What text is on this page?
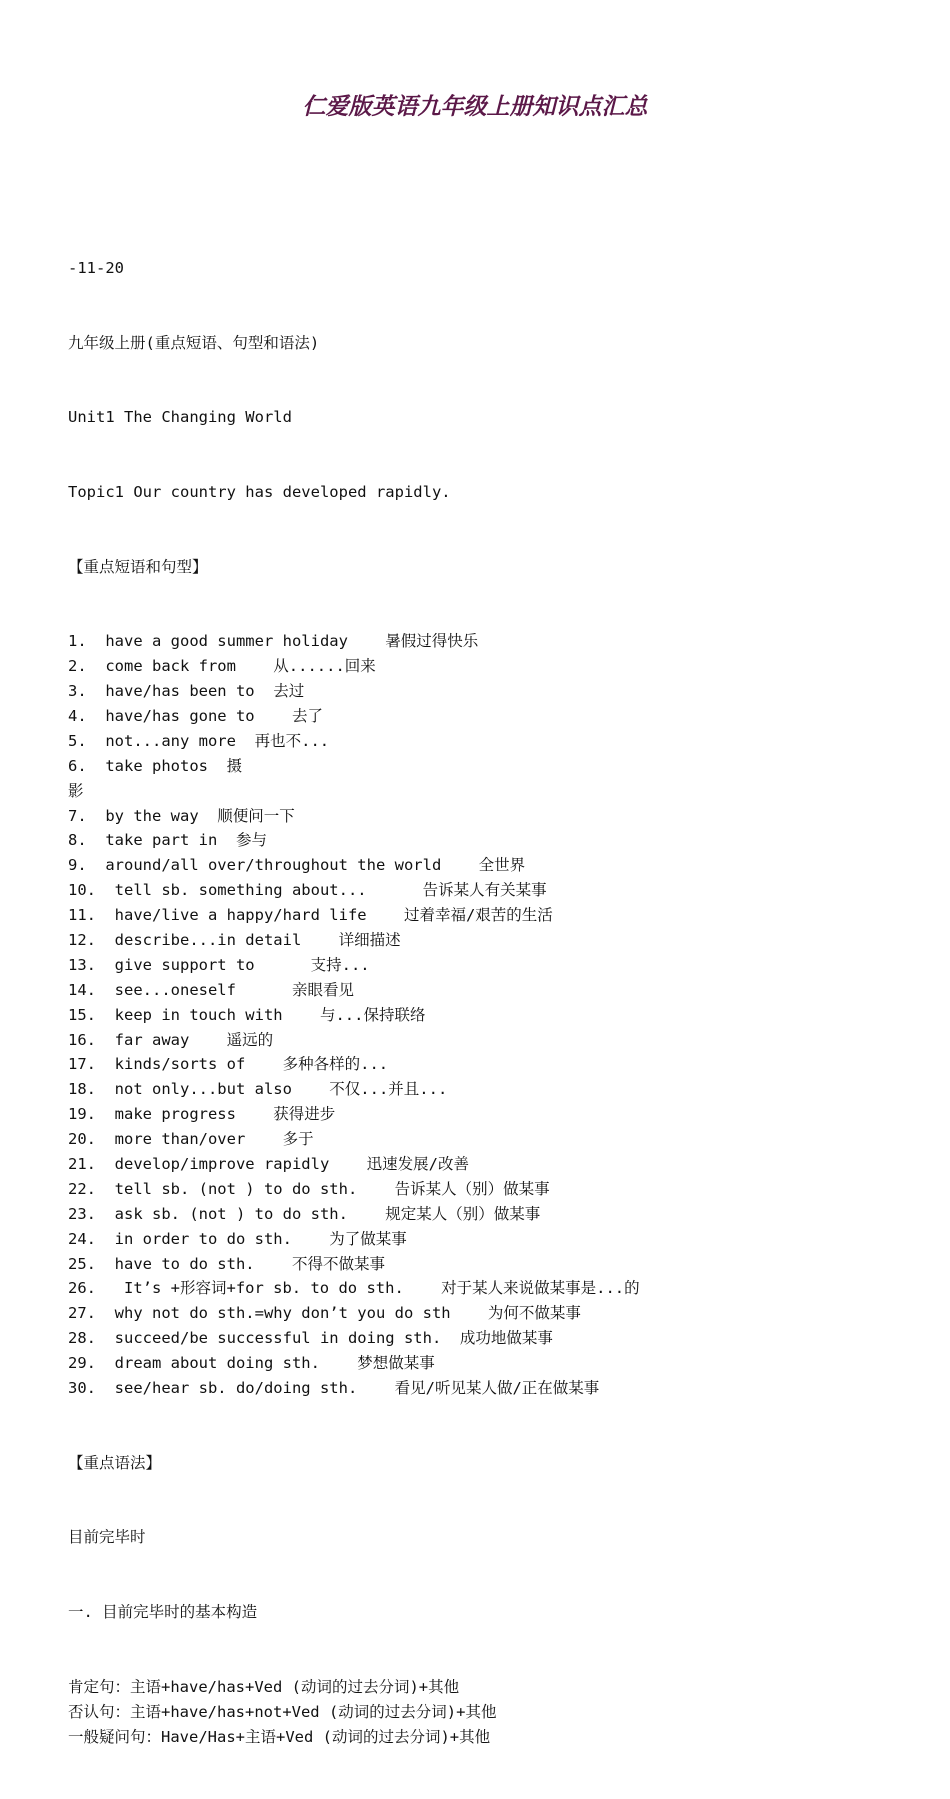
仁爱版英语九年级上册知识点汇总

-11-20

九年级上册(重点短语、句型和语法)

Unit1 The Changing World

Topic1 Our country has developed rapidly.

【重点短语和句型】

1.  have a good summer holiday    暑假过得快乐
2.  come back from    从......回来
3.  have/has been to  去过
4.  have/has gone to    去了
5.  not...any more  再也不...
6.  take photos  摄
影
7.  by the way  顺便问一下
8.  take part in  参与
9.  around/all over/throughout the world    全世界
10.  tell sb. something about...      告诉某人有关某事
11.  have/live a happy/hard life    过着幸福/艰苦的生活
12.  describe...in detail    详细描述
13.  give support to      支持...
14.  see...oneself      亲眼看见
15.  keep in touch with    与...保持联络
16.  far away    遥远的
17.  kinds/sorts of    多种各样的...
18.  not only...but also    不仅...并且...
19.  make progress    获得进步
20.  more than/over    多于
21.  develop/improve rapidly    迅速发展/改善
22.  tell sb. (not ) to do sth.    告诉某人（别）做某事
23.  ask sb. (not ) to do sth.    规定某人（别）做某事
24.  in order to do sth.    为了做某事
25.  have to do sth.    不得不做某事
26.   It’s +形容词+for sb. to do sth.    对于某人来说做某事是...的
27.  why not do sth.=why don’t you do sth    为何不做某事
28.  succeed/be successful in doing sth.  成功地做某事
29.  dream about doing sth.    梦想做某事
30.  see/hear sb. do/doing sth.    看见/听见某人做/正在做某事

【重点语法】

目前完毕时

一. 目前完毕时的基本构造

肯定句：主语+have/has+Ved (动词的过去分词)+其他
否认句：主语+have/has+not+Ved (动词的过去分词)+其他
一般疑问句：Have/Has+主语+Ved (动词的过去分词)+其他
